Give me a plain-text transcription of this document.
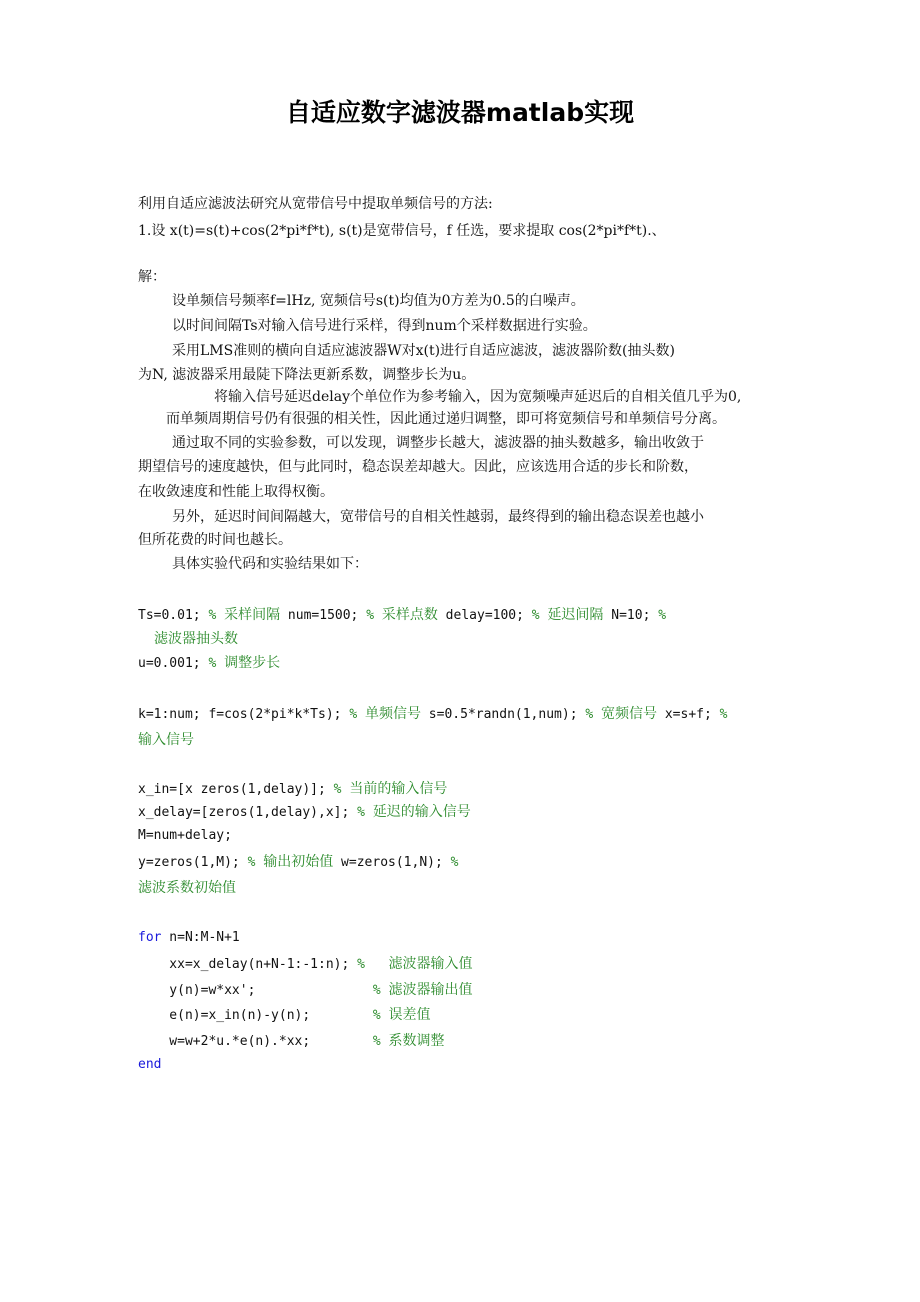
自适应数字滤波器matlab实现

利用自适应滤波法研究从宽带信号中提取单频信号的方法:

1.设 x(t)=s(t)+cos(2*pi*f*t), s(t)是宽带信号，f 任选，要求提取 cos(2*pi*f*t).、

解：

设单频信号频率f=lHz, 宽频信号s(t)均值为0方差为0.5的白噪声。

以时间间隔Ts对输入信号进行采样，得到num个采样数据进行实验。

采用LMS准则的横向自适应滤波器W对x(t)进行自适应滤波，滤波器阶数(抽头数)

为N, 滤波器采用最陡下降法更新系数，调整步长为u。

将输入信号延迟delay个单位作为参考输入，因为宽频噪声延迟后的自相关值几乎为0,

而单频周期信号仍有很强的相关性，因此通过递归调整，即可将宽频信号和单频信号分离。

通过取不同的实验参数，可以发现，调整步长越大，滤波器的抽头数越多，输出收敛于

期望信号的速度越快，但与此同时，稳态误差却越大。因此，应该选用合适的步长和阶数，

在收敛速度和性能上取得权衡。

另外，延迟时间间隔越大，宽带信号的自相关性越弱，最终得到的输出稳态误差也越小

但所花费的时间也越长。

具体实验代码和实验结果如下：

Ts=0.01; % 采样间隔 num=1500; % 采样点数 delay=100; % 延迟间隔 N=10; %
滤波器抽头数
u=0.001; % 调整步长
k=1:num; f=cos(2*pi*k*Ts); % 单频信号 s=0.5*randn(1,num); % 宽频信号 x=s+f; %
输入信号
x_in=[x zeros(1,delay)]; % 当前的输入信号
x_delay=[zeros(1,delay),x]; % 延迟的输入信号
M=num+delay;
y=zeros(1,M); % 输出初始值 w=zeros(1,N); %
滤波系数初始值
for n=N:M-N+1
xx=x_delay(n+N-1:-1:n); %   滤波器输入值
y(n)=w*xx';               % 滤波器输出值
e(n)=x_in(n)-y(n);        % 误差值
w=w+2*u.*e(n).*xx;        % 系数调整
end
